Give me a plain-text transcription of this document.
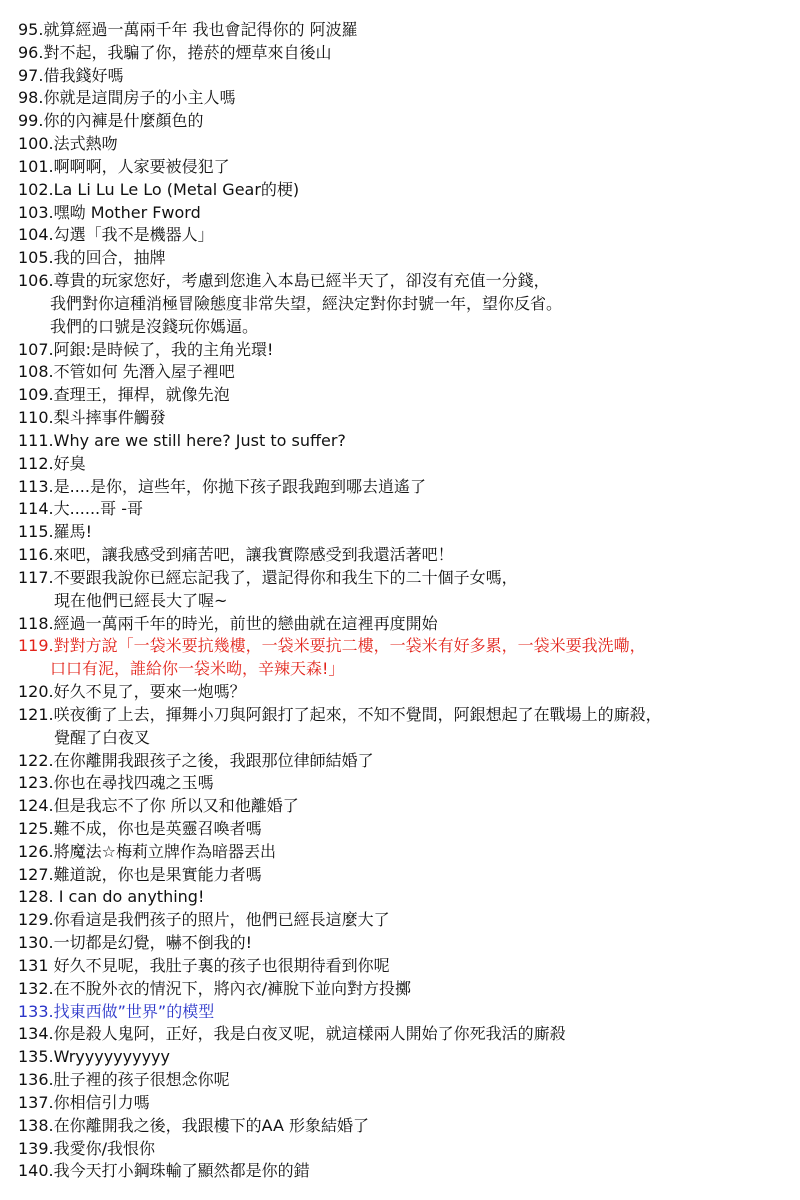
95.就算經過一萬兩千年 我也會記得你的 阿波羅
96.對不起，我騙了你，捲菸的煙草來自後山
97.借我錢好嗎
98.你就是這間房子的小主人嗎
99.你的內褲是什麼顏色的
100.法式熱吻
101.啊啊啊，人家要被侵犯了
102.La Li Lu Le Lo (Metal Gear的梗)
103.嘿呦 Mother Fword
104.勾選「我不是機器人」
105.我的回合，抽牌
106.尊貴的玩家您好，考慮到您進入本島已經半天了，卻沒有充值一分錢，
我們對你這種消極冒險態度非常失望，經決定對你封號一年，望你反省。
我們的口號是沒錢玩你媽逼。
107.阿銀:是時候了，我的主角光環!
108.不管如何 先潛入屋子裡吧
109.查理王，揮桿，就像先泡
110.梨斗摔事件觸發
111.Why are we still here? Just to suffer?
112.好臭
113.是....是你，這些年，你拋下孩子跟我跑到哪去逍遙了
114.大......哥 -哥
115.羅馬!
116.來吧，讓我感受到痛苦吧，讓我實際感受到我還活著吧！
117.不要跟我說你已經忘記我了，還記得你和我生下的二十個子女嗎，
現在他們已經長大了喔~
118.經過一萬兩千年的時光，前世的戀曲就在這裡再度開始
119.對對方說「一袋米要抗幾樓，一袋米要抗二樓，一袋米有好多累，一袋米要我洗嘞，
口口有泥，誰給你一袋米呦，辛辣天森!」
120.好久不見了，要來一炮嗎？
121.咲夜衝了上去，揮舞小刀與阿銀打了起來，不知不覺間，阿銀想起了在戰場上的廝殺，
覺醒了白夜叉
122.在你離開我跟孩子之後，我跟那位律師結婚了
123.你也在尋找四魂之玉嗎
124.但是我忘不了你 所以又和他離婚了
125.難不成，你也是英靈召喚者嗎
126.將魔法☆梅莉立牌作為暗器丟出
127.難道說，你也是果實能力者嗎
128. I can do anything!
129.你看這是我們孩子的照片，他們已經長這麼大了
130.一切都是幻覺，嚇不倒我的!
131 好久不見呢，我肚子裏的孩子也很期待看到你呢
132.在不脫外衣的情況下，將內衣/褲脫下並向對方投擲
133.找東西做”世界”的模型
134.你是殺人鬼阿，正好，我是白夜叉呢，就這樣兩人開始了你死我活的廝殺
135.Wryyyyyyyyyy
136.肚子裡的孩子很想念你呢
137.你相信引力嗎
138.在你離開我之後，我跟樓下的AA 形象結婚了
139.我愛你/我恨你
140.我今天打小鋼珠輸了顯然都是你的錯
